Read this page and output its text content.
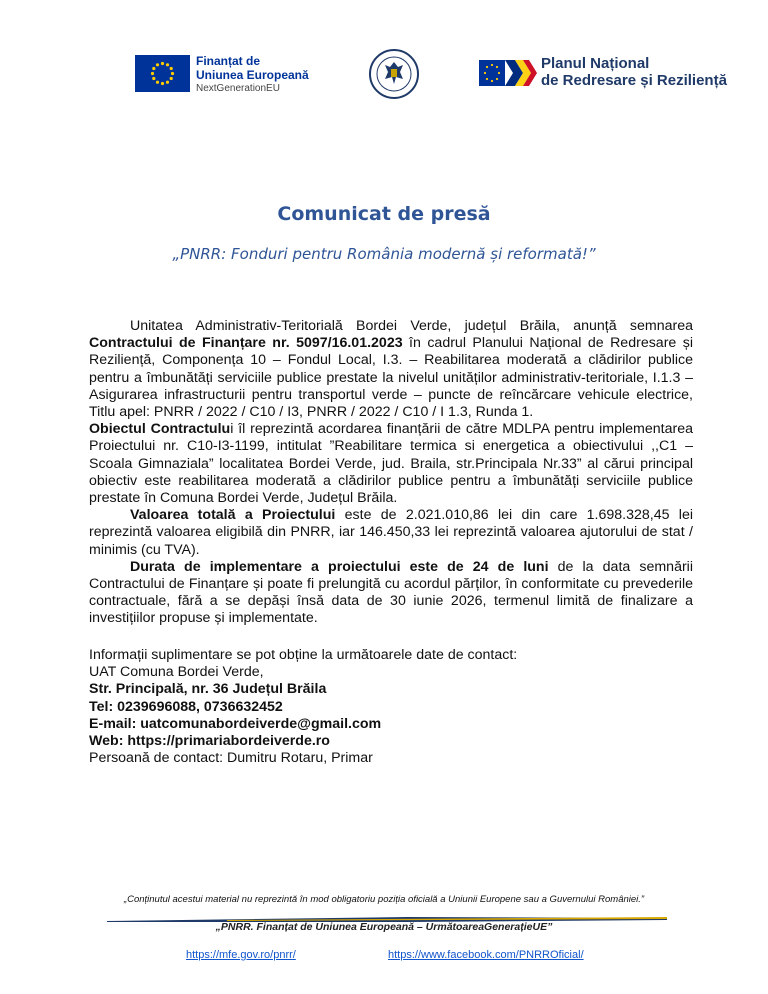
Finanțat de
Uniunea Europeană
NextGenerationEU
Planul Național
de Redresare și Reziliență
Comunicat de presă
„PNRR: Fonduri pentru România modernă și reformată!”

Unitatea Administrativ-Teritorială Bordei Verde, județul Brăila, anunță semnarea Contractului de Finanțare nr. 5097/16.01.2023 în cadrul Planului Național de Redresare și Reziliență, Componența 10 – Fondul Local, I.3. – Reabilitarea moderată a clădirilor publice pentru a îmbunătăți serviciile publice prestate la nivelul unităților administrativ-teritoriale, I.1.3 – Asigurarea infrastructurii pentru transportul verde – puncte de reîncărcare vehicule electrice, Titlu apel: PNRR / 2022 / C10 / I3, PNRR / 2022 / C10 / I 1.3, Runda 1.

Obiectul Contractului îl reprezintă acordarea finanțării de către MDLPA pentru implementarea Proiectului nr. C10-I3-1199, intitulat ”Reabilitare termica si energetica a obiectivului ,,C1 – Scoala Gimnaziala” localitatea Bordei Verde, jud. Braila, str.Principala Nr.33” al cărui principal obiectiv este reabilitarea moderată a clădirilor publice pentru a îmbunătăți serviciile publice prestate în Comuna Bordei Verde, Județul Brăila.

Valoarea totală a Proiectului este de 2.021.010,86 lei din care 1.698.328,45 lei reprezintă valoarea eligibilă din PNRR, iar 146.450,33 lei reprezintă valoarea ajutorului de stat / minimis (cu TVA).

Durata de implementare a proiectului este de 24 de luni de la data semnării Contractului de Finanțare și poate fi prelungită cu acordul părților, în conformitate cu prevederile contractuale, fără a se depăși însă data de 30 iunie 2026, termenul limită de finalizare a investițiilor propuse și implementate.

Informații suplimentare se pot obține la următoarele date de contact:
UAT Comuna Bordei Verde,
Str. Principală, nr. 36 Județul Brăila
Tel: 0239696088, 0736632452
E-mail: uatcomunabordeiverde@gmail.com
Web: https://primariabordeiverde.ro
Persoană de contact: Dumitru Rotaru, Primar
„Conținutul acestui material nu reprezintă în mod obligatoriu poziția oficială a Uniunii Europene sau a Guvernului României.”
„PNRR. Finanțat de Uniunea Europeană – UrmătoareaGenerațieUE”
https://mfe.gov.ro/pnrr/	https://www.facebook.com/PNRROficial/
